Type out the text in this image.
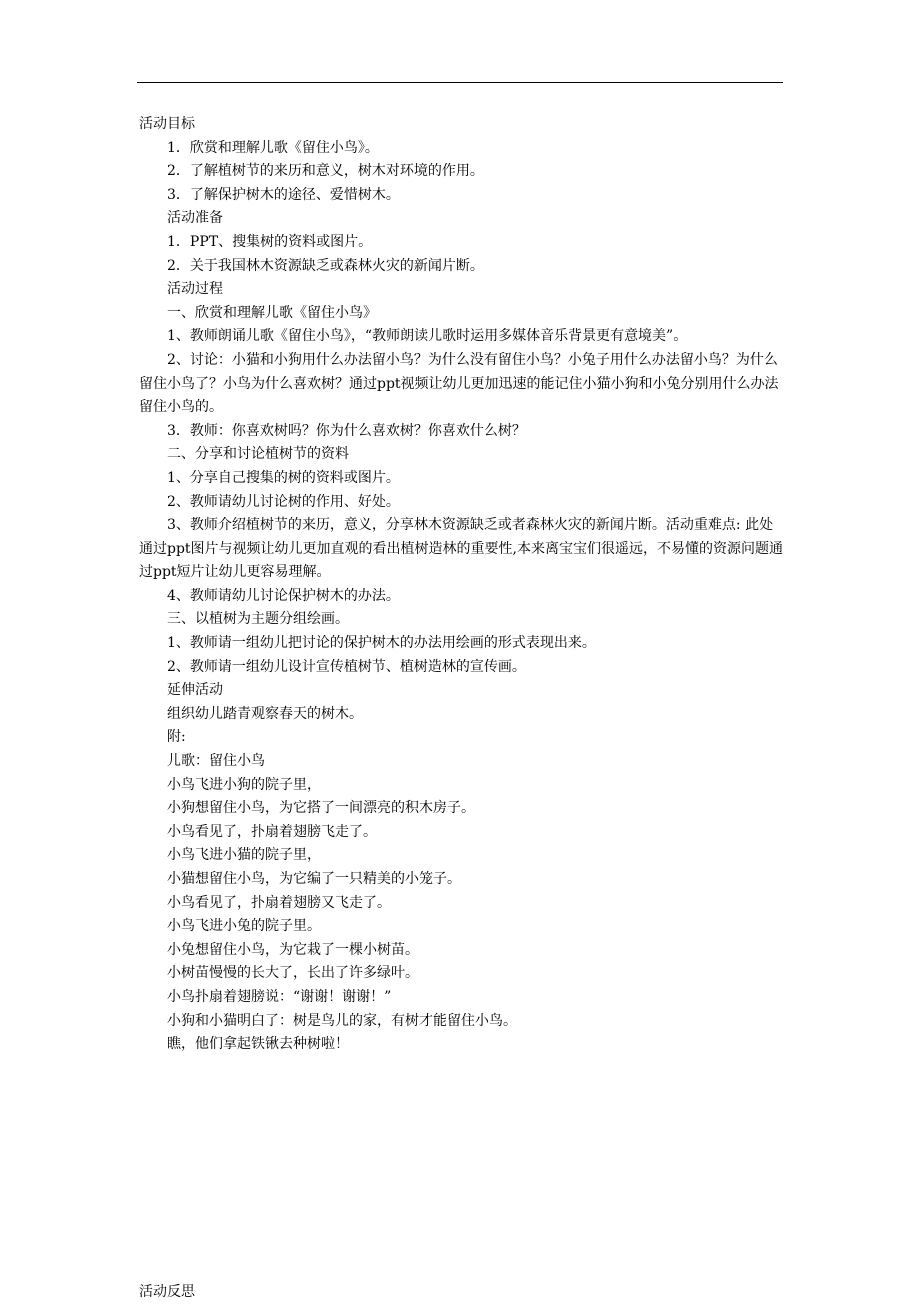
活动目标

1．欣赏和理解儿歌《留住小鸟》。

2．了解植树节的来历和意义，树木对环境的作用。

3．了解保护树木的途径、爱惜树木。

活动准备

1．PPT、搜集树的资料或图片。

2．关于我国林木资源缺乏或森林火灾的新闻片断。

活动过程

一、欣赏和理解儿歌《留住小鸟》

1、教师朗诵儿歌《留住小鸟》，“教师朗读儿歌时运用多媒体音乐背景更有意境美”。

2、讨论：小猫和小狗用什么办法留小鸟？为什么没有留住小鸟？小兔子用什么办法留小鸟？为什么留住小鸟了？小鸟为什么喜欢树？通过ppt视频让幼儿更加迅速的能记住小猫小狗和小兔分别用什么办法留住小鸟的。

3．教师：你喜欢树吗？你为什么喜欢树？你喜欢什么树？

二、分享和讨论植树节的资料

1、分享自己搜集的树的资料或图片。

2、教师请幼儿讨论树的作用、好处。

3、教师介绍植树节的来历，意义，分享林木资源缺乏或者森林火灾的新闻片断。活动重难点: 此处通过ppt图片与视频让幼儿更加直观的看出植树造林的重要性,本来离宝宝们很遥远，不易懂的资源问题通过ppt短片让幼儿更容易理解。

4、教师请幼儿讨论保护树木的办法。

三、以植树为主题分组绘画。

1、教师请一组幼儿把讨论的保护树木的办法用绘画的形式表现出来。

2、教师请一组幼儿设计宣传植树节、植树造林的宣传画。

延伸活动

组织幼儿踏青观察春天的树木。

附:

儿歌：留住小鸟

小鸟飞进小狗的院子里，

小狗想留住小鸟，为它搭了一间漂亮的积木房子。

小鸟看见了，扑扇着翅膀飞走了。

小鸟飞进小猫的院子里，

小猫想留住小鸟，为它编了一只精美的小笼子。

小鸟看见了，扑扇着翅膀又飞走了。

小鸟飞进小兔的院子里。

小兔想留住小鸟，为它栽了一棵小树苗。

小树苗慢慢的长大了，长出了许多绿叶。

小鸟扑扇着翅膀说：“谢谢！谢谢！”

小狗和小猫明白了：树是鸟儿的家，有树才能留住小鸟。

瞧，他们拿起铁锹去种树啦！

活动反思
